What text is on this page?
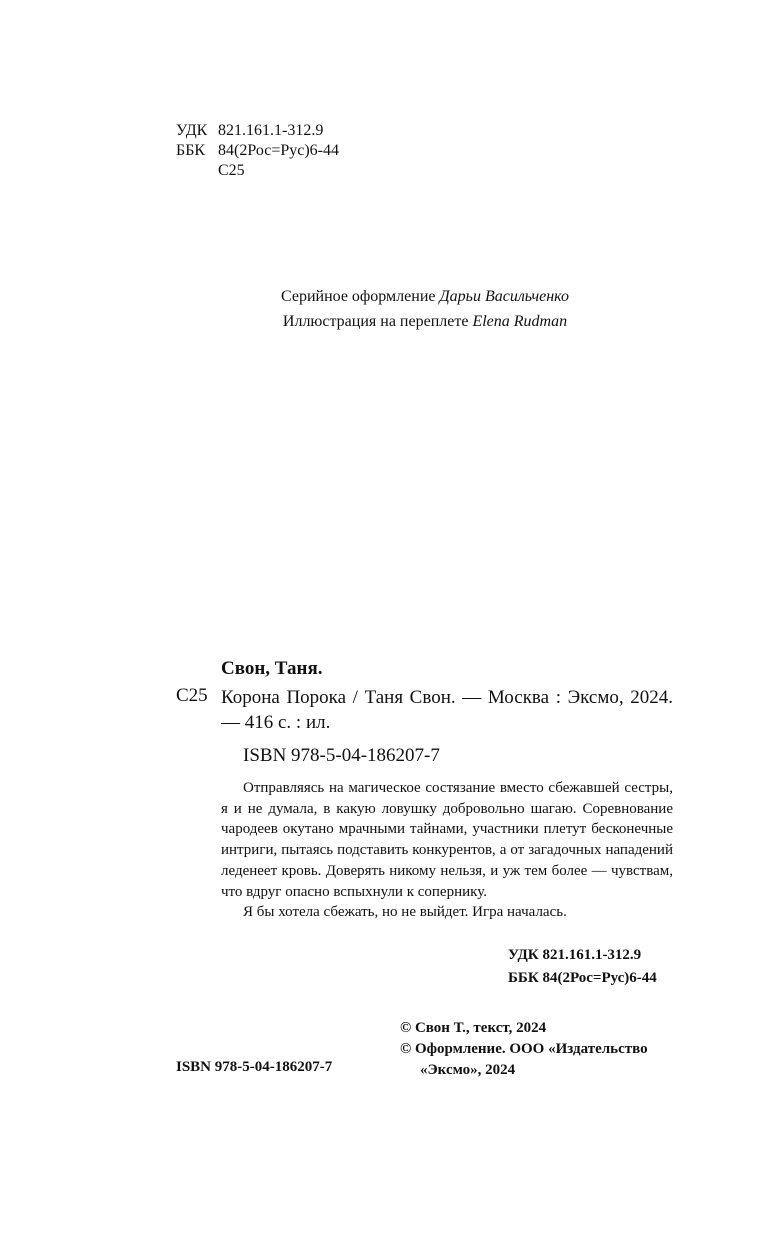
УДК 821.161.1-312.9
ББК 84(2Рос=Рус)6-44
С25
Серийное оформление Дарьи Васильченко
Иллюстрация на переплете Elena Rudman
Свон, Таня.
С25 Корона Порока / Таня Свон. — Москва : Эксмо, 2024. — 416 с. : ил.
ISBN 978-5-04-186207-7

Отправляясь на магическое состязание вместо сбежавшей сестры, я и не думала, в какую ловушку добровольно шагаю. Соревнование чародеев окутано мрачными тайнами, участники плетут бесконечные интриги, пытаясь подставить конкурентов, а от загадочных нападений леденеет кровь. Доверять никому нельзя, и уж тем более — чувствам, что вдруг опасно вспыхнули к сопернику.

Я бы хотела сбежать, но не выйдет. Игра началась.

УДК 821.161.1-312.9
ББК 84(2Рос=Рус)6-44
© Свон Т., текст, 2024
© Оформление. ООО «Издательство
«Эксмо», 2024
ISBN 978-5-04-186207-7
